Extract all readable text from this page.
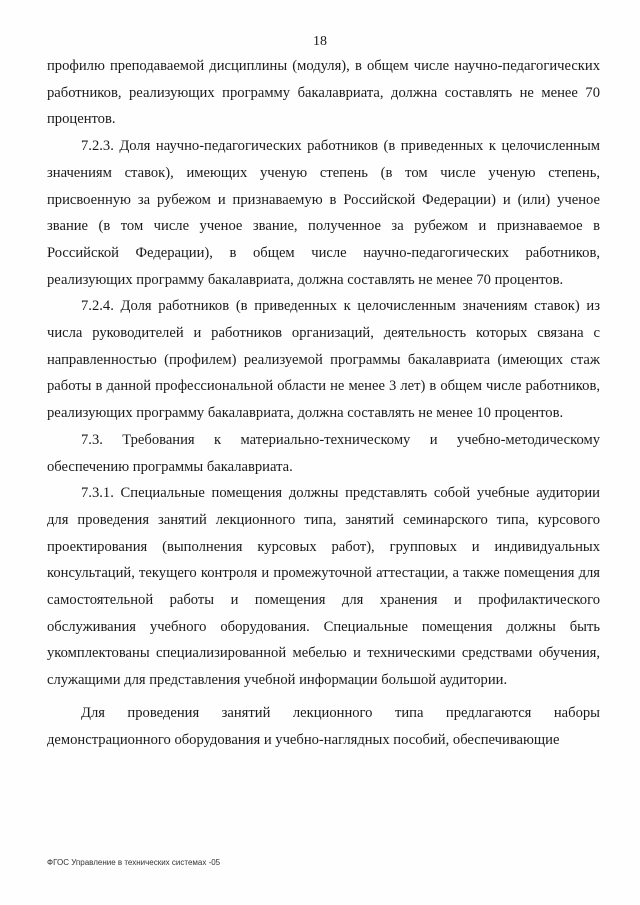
18

профилю преподаваемой дисциплины (модуля), в общем числе научно-педагогических работников, реализующих программу бакалавриата, должна составлять не менее 70 процентов.

7.2.3. Доля научно-педагогических работников (в приведенных к целочисленным значениям ставок), имеющих ученую степень (в том числе ученую степень, присвоенную за рубежом и признаваемую в Российской Федерации) и (или) ученое звание (в том числе ученое звание, полученное за рубежом и признаваемое в Российской Федерации), в общем числе научно-педагогических работников, реализующих программу бакалавриата, должна составлять не менее 70 процентов.

7.2.4. Доля работников (в приведенных к целочисленным значениям ставок) из числа руководителей и работников организаций, деятельность которых связана с направленностью (профилем) реализуемой программы бакалавриата (имеющих стаж работы в данной профессиональной области не менее 3 лет) в общем числе работников, реализующих программу бакалавриата, должна составлять не менее 10 процентов.

7.3. Требования к материально-техническому и учебно-методическому обеспечению программы бакалавриата.

7.3.1. Специальные помещения должны представлять собой учебные аудитории для проведения занятий лекционного типа, занятий семинарского типа, курсового проектирования (выполнения курсовых работ), групповых и индивидуальных консультаций, текущего контроля и промежуточной аттестации, а также помещения для самостоятельной работы и помещения для хранения и профилактического обслуживания учебного оборудования. Специальные помещения должны быть укомплектованы специализированной мебелью и техническими средствами обучения, служащими для представления учебной информации большой аудитории.

Для проведения занятий лекционного типа предлагаются наборы демонстрационного оборудования и учебно-наглядных пособий, обеспечивающие

ФГОС Управление в технических системах -05
